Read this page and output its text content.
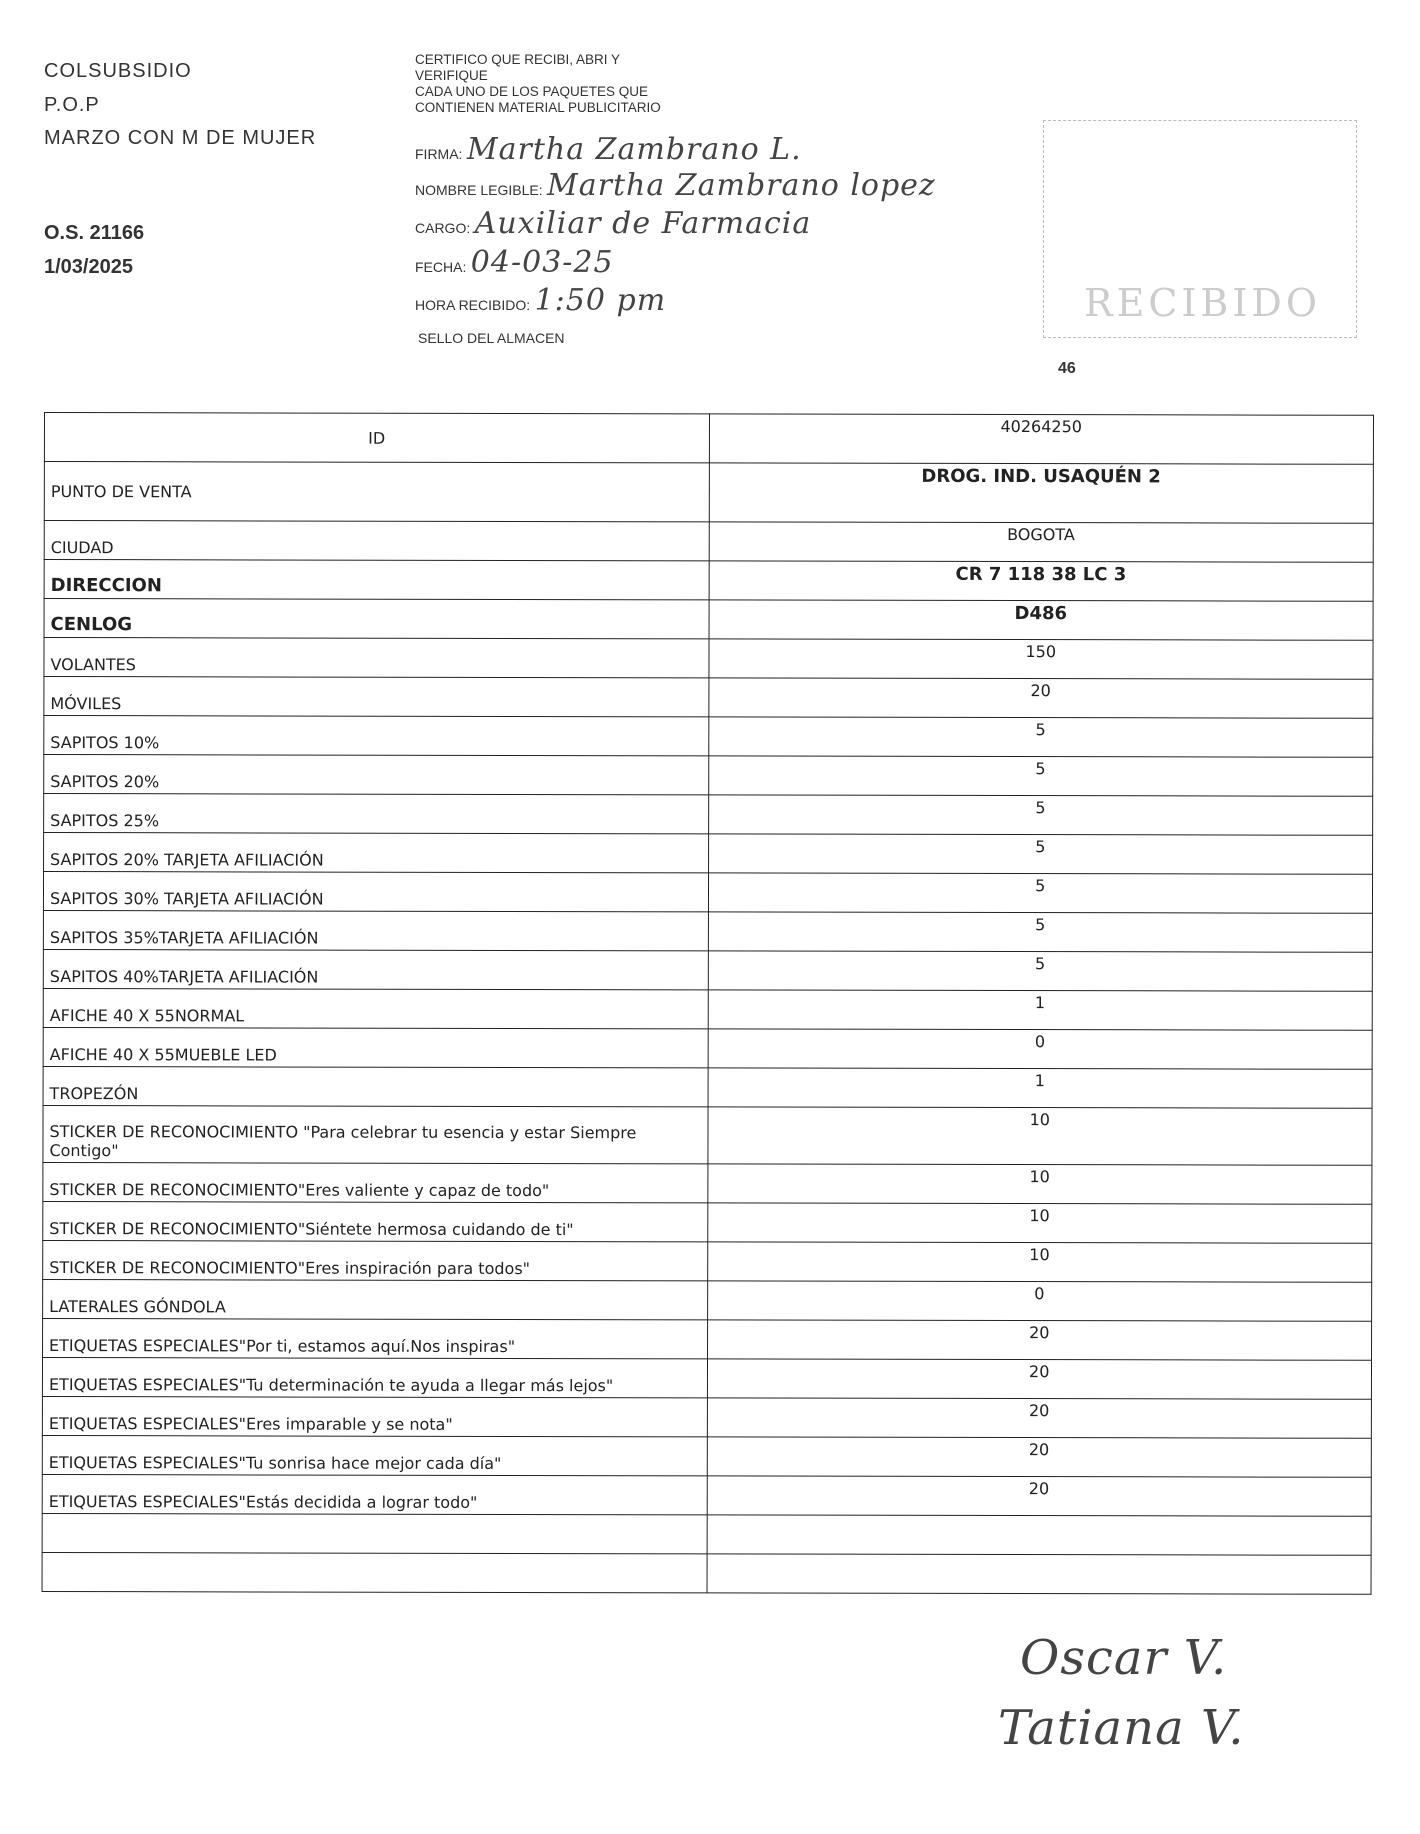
COLSUBSIDIO
P.O.P
MARZO CON M DE MUJER
O.S. 21166
1/03/2025
CERTIFICO QUE RECIBI, ABRI Y
VERIFIQUE
CADA UNO DE LOS PAQUETES QUE
CONTIENEN MATERIAL PUBLICITARIO
FIRMA: Martha Zambrano L.
NOMBRE LEGIBLE: Martha Zambrano lopez
CARGO: Auxiliar de Farmacia
FECHA: 04-03-25
HORA RECIBIDO: 1:50 pm
SELLO DEL ALMACEN
RECIBIDO
46
ID	40264250
PUNTO DE VENTA	DROG. IND. USAQUÉN 2
CIUDAD	BOGOTA
DIRECCION	CR 7 118 38 LC 3
CENLOG	D486
VOLANTES	150
MÓVILES	20
SAPITOS 10%	5
SAPITOS 20%	5
SAPITOS 25%	5
SAPITOS 20% TARJETA AFILIACIÓN	5
SAPITOS 30% TARJETA AFILIACIÓN	5
SAPITOS 35%TARJETA AFILIACIÓN	5
SAPITOS 40%TARJETA AFILIACIÓN	5
AFICHE 40 X 55NORMAL	1
AFICHE 40 X 55MUEBLE LED	0
TROPEZÓN	1
STICKER DE RECONOCIMIENTO "Para celebrar tu esencia y estar Siempre Contigo"	10
STICKER DE RECONOCIMIENTO"Eres valiente y capaz de todo"	10
STICKER DE RECONOCIMIENTO"Siéntete hermosa cuidando de ti"	10
STICKER DE RECONOCIMIENTO"Eres inspiración para todos"	10
LATERALES GÓNDOLA	0
ETIQUETAS ESPECIALES"Por ti, estamos aquí.Nos inspiras"	20
ETIQUETAS ESPECIALES"Tu determinación te ayuda a llegar más lejos"	20
ETIQUETAS ESPECIALES"Eres imparable y se nota"	20
ETIQUETAS ESPECIALES"Tu sonrisa hace mejor cada día"	20
ETIQUETAS ESPECIALES"Estás decidida a lograr todo"	20

Oscar V.
Tatiana V.
